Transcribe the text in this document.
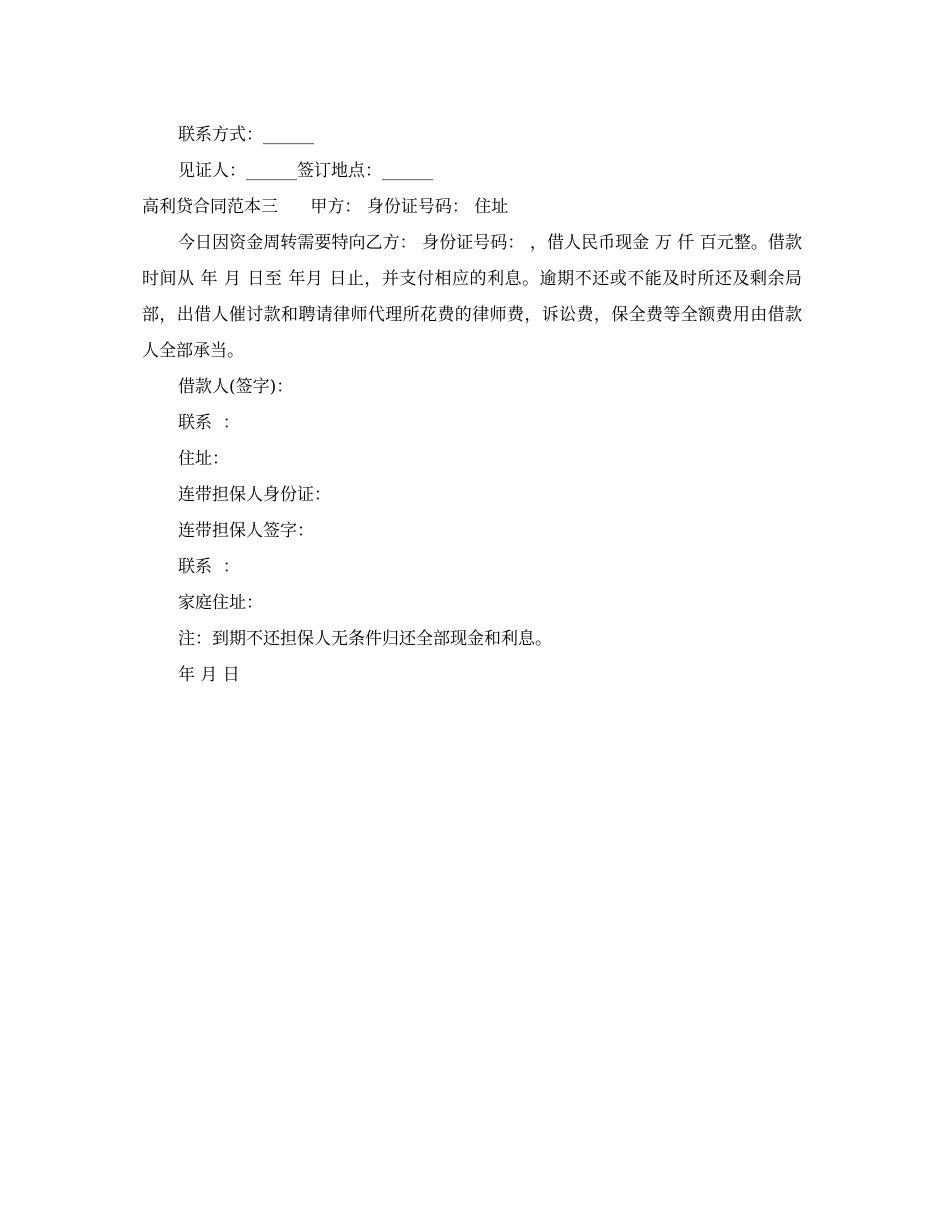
联系方式：______

见证人：______签订地点：______

高利贷合同范本三      甲方： 身份证号码： 住址

今日因资金周转需要特向乙方： 身份证号码： ，借人民币现金 万 仟 百元整。借款时间从 年 月 日至 年月 日止，并支付相应的利息。逾期不还或不能及时所还及剩余局部，出借人催讨款和聘请律师代理所花费的律师费，诉讼费，保全费等全额费用由借款人全部承当。

借款人(签字)：

联系  ：

住址：

连带担保人身份证：

连带担保人签字：

联系  ：

家庭住址：

注：到期不还担保人无条件归还全部现金和利息。

年 月 日
